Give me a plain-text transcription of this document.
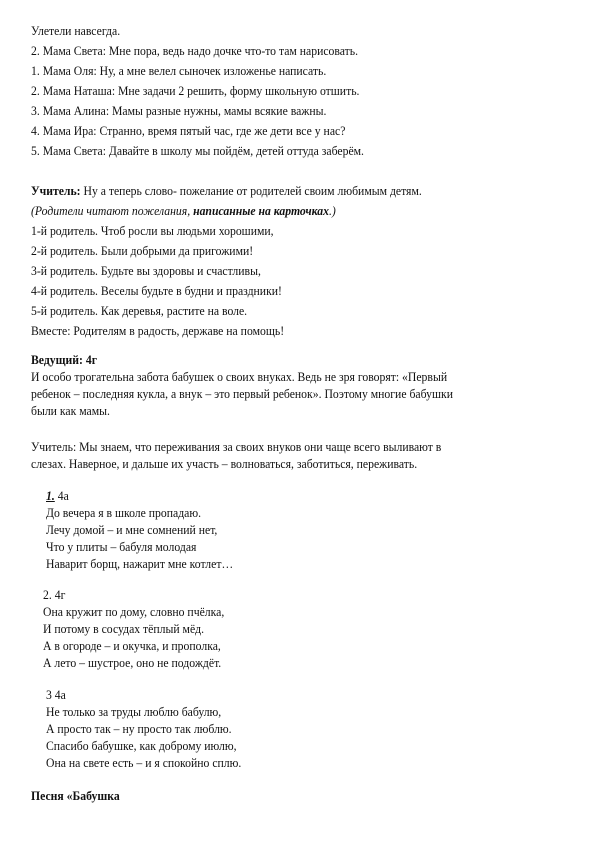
Улетели навсегда.
2. Мама Света: Мне пора, ведь надо дочке что-то там нарисовать.
1. Мама Оля: Ну, а мне велел сыночек изложенье написать.
2. Мама Наташа: Мне задачи 2 решить, форму школьную отшить.
3. Мама Алина: Мамы разные нужны, мамы всякие важны.
4. Мама Ира: Странно, время пятый час, где же дети все у нас?
5. Мама Света: Давайте в школу мы пойдём, детей оттуда заберём.
Учитель: Ну а теперь слово- пожелание от родителей своим любимым детям.
(Родители читают пожелания, написанные на карточках.)
1-й родитель. Чтоб росли вы людьми хорошими,
2-й родитель. Были добрыми да пригожими!
3-й родитель. Будьте вы здоровы и счастливы,
4-й родитель. Веселы будьте в будни и праздники!
5-й родитель. Как деревья, растите на воле.
Вместе: Родителям в радость, державе на помощь!
Ведущий: 4г
И особо трогательна забота бабушек о своих внуках. Ведь не зря говорят: «Первый
ребенок – последняя кукла, а внук – это первый ребенок». Поэтому многие бабушки
были как мамы.
Учитель: Мы знаем, что переживания за своих внуков они чаще всего выливают в
слезах. Наверное, и дальше их участь – волноваться, заботиться, переживать.
1. 4а
До вечера я в школе пропадаю.
Лечу домой – и мне сомнений нет,
Что у плиты – бабуля молодая
Наварит борщ, нажарит мне котлет…
2. 4г
Она кружит по дому, словно пчёлка,
И потому в сосудах тёплый мёд.
А в огороде – и окучка, и прополка,
А лето – шустрое, оно не подождёт.
3 4а
Не только за труды люблю бабулю,
А просто так – ну просто так люблю.
Спасибо бабушке, как доброму июлю,
Она на свете есть – и я спокойно сплю.
Песня «Бабушка
